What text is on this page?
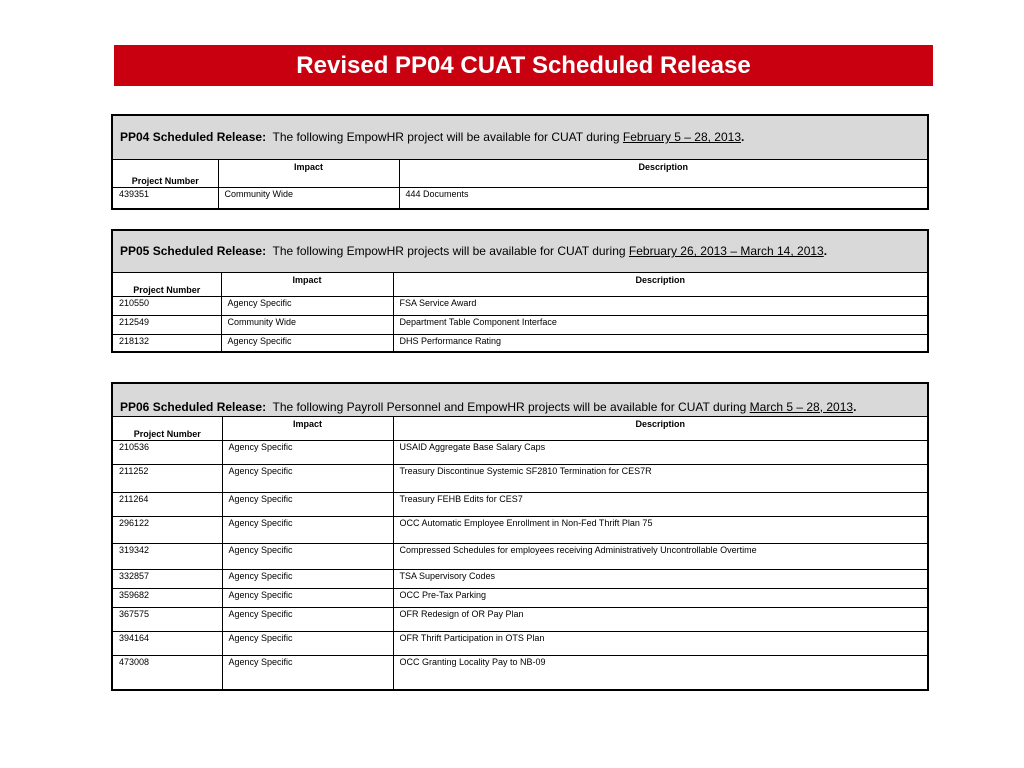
Revised PP04 CUAT Scheduled Release
PP04 Scheduled Release: The following EmpowHR project will be available for CUAT during February 5 – 28, 2013.		

Project Number	Impact	Description

439351	Community Wide	444 Documents
PP05 Scheduled Release: The following EmpowHR projects will be available for CUAT during February 26, 2013 – March 14, 2013.		

Project Number	Impact	Description

210550	Agency Specific	FSA Service Award
212549	Community Wide	Department Table Component Interface
218132	Agency Specific	DHS Performance Rating
PP06 Scheduled Release: The following Payroll Personnel and EmpowHR projects will be available for CUAT during March 5 – 28, 2013.		

Project Number	Impact	Description

210536	Agency Specific	USAID Aggregate Base Salary Caps
211252	Agency Specific	Treasury Discontinue Systemic SF2810 Termination for CES7R
211264	Agency Specific	Treasury FEHB Edits for CES7
296122	Agency Specific	OCC Automatic Employee Enrollment in Non-Fed Thrift Plan 75
319342	Agency Specific	Compressed Schedules for employees receiving Administratively Uncontrollable Overtime
332857	Agency Specific	TSA Supervisory Codes
359682	Agency Specific	OCC Pre-Tax Parking
367575	Agency Specific	OFR Redesign of OR Pay Plan
394164	Agency Specific	OFR Thrift Participation in OTS Plan
473008	Agency Specific	OCC Granting Locality Pay to NB-09
